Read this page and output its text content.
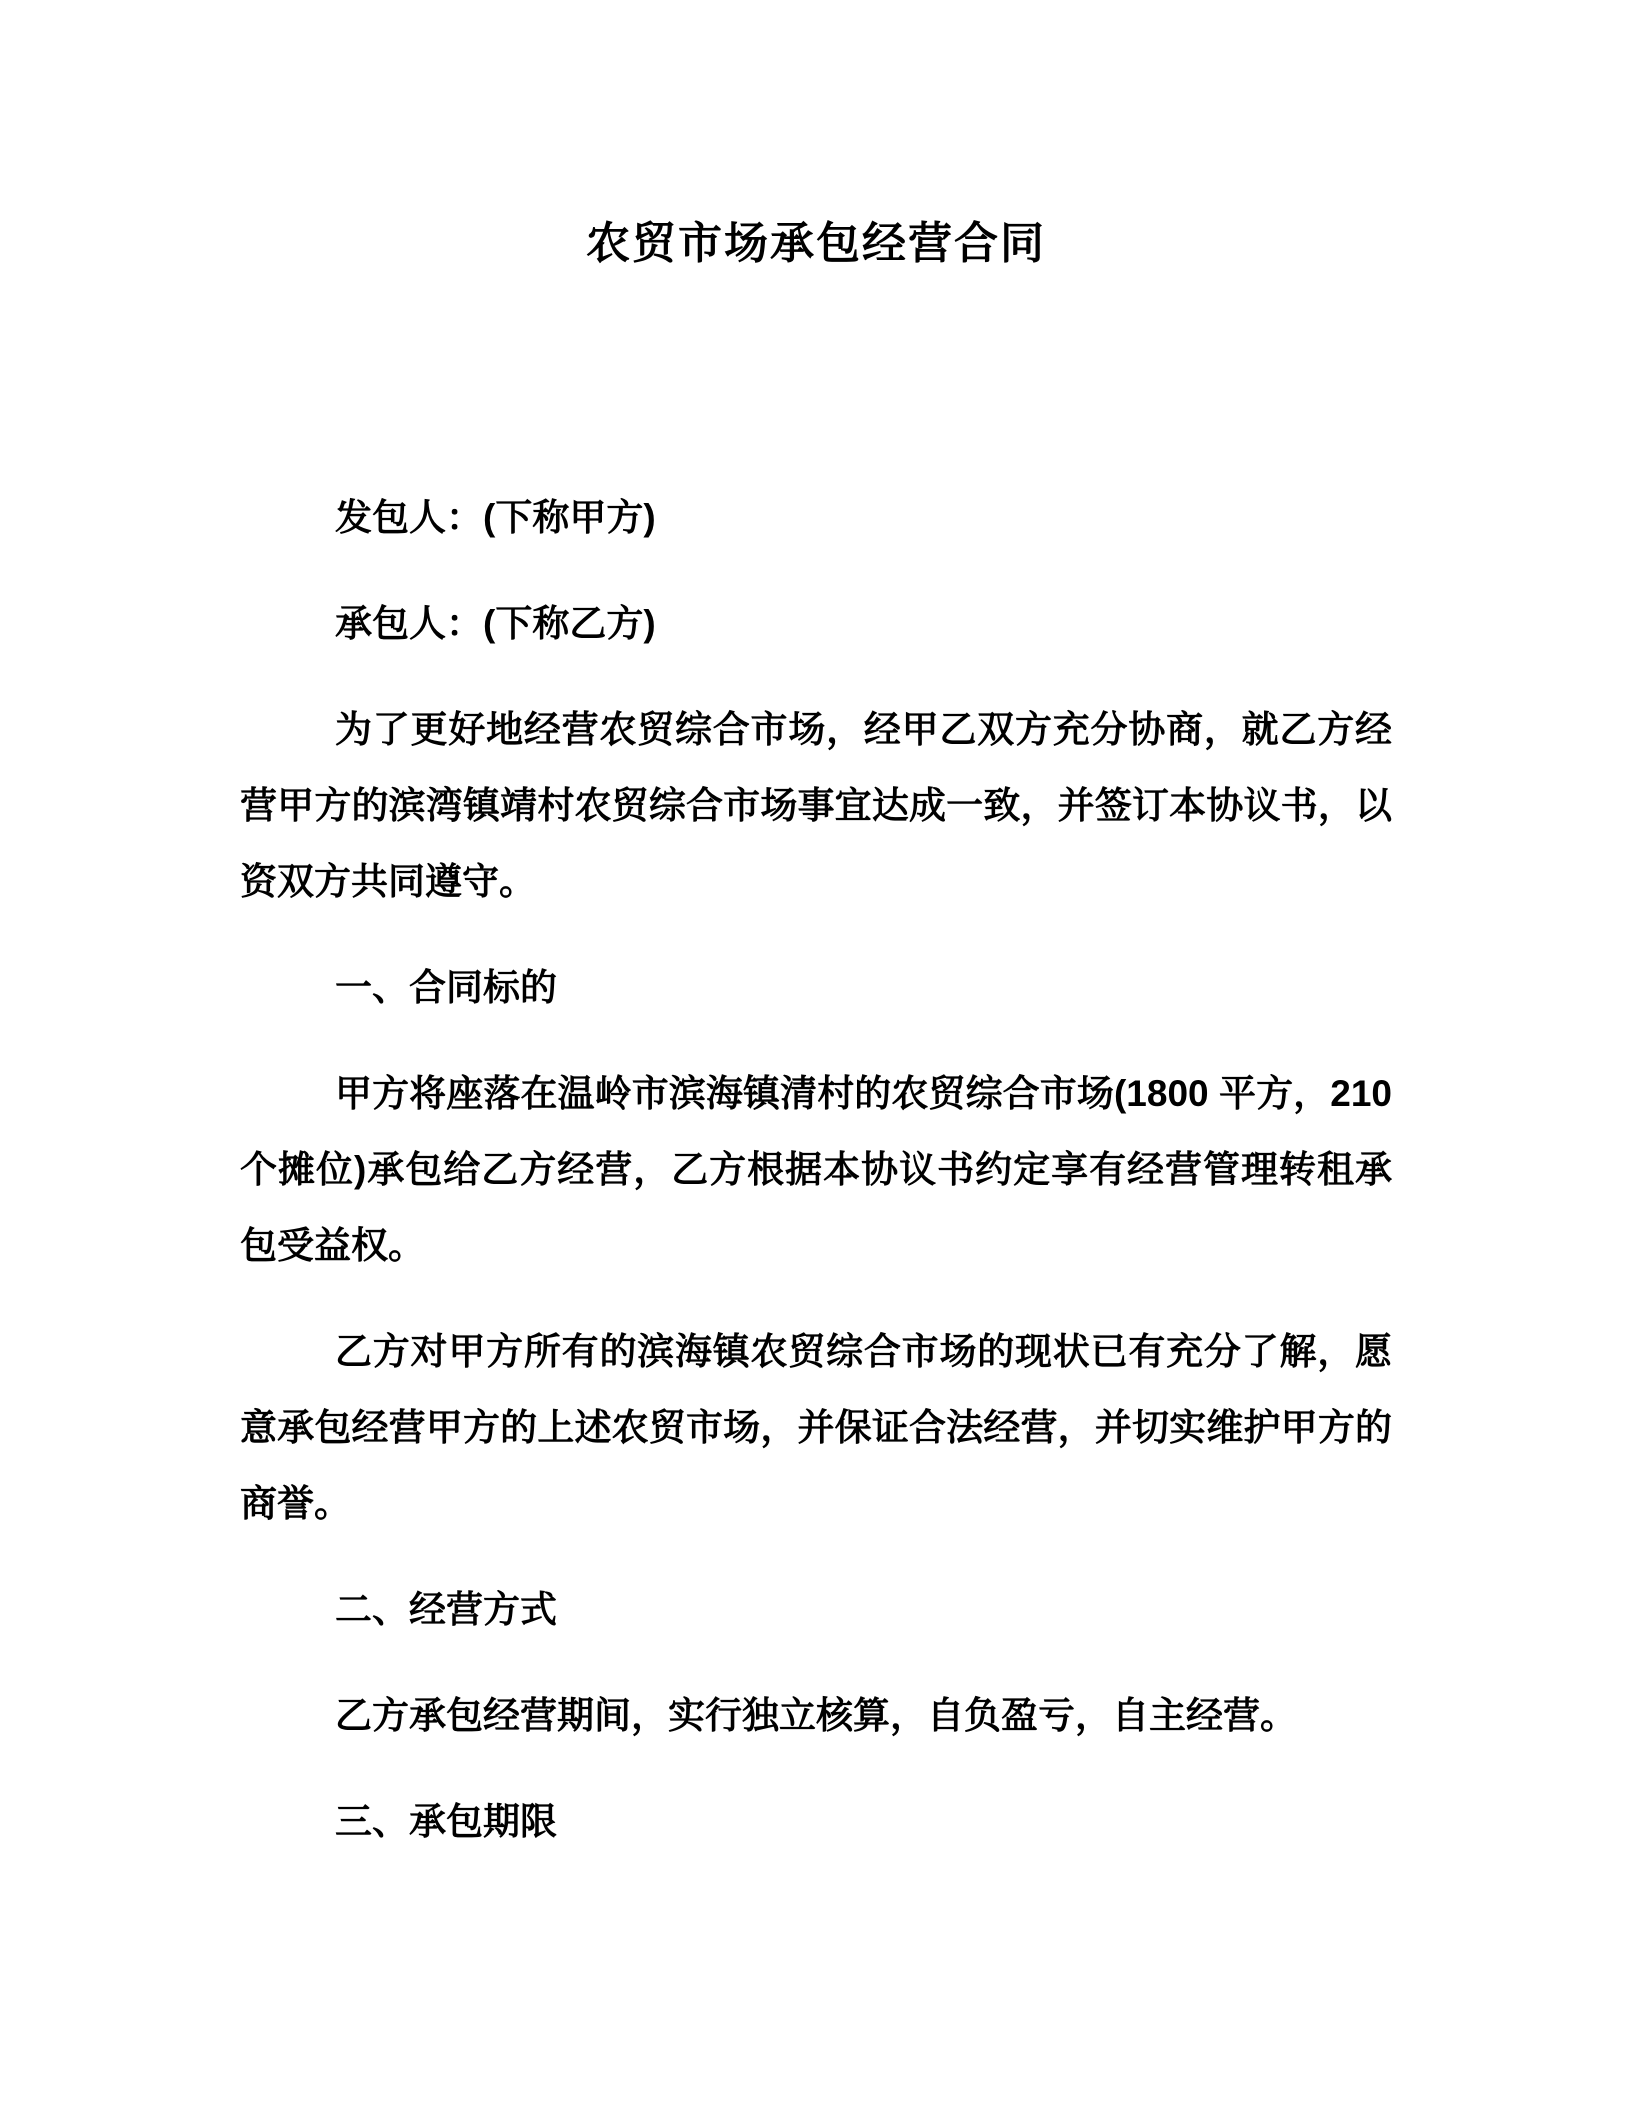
农贸市场承包经营合同

发包人：(下称甲方)

承包人：(下称乙方)

为了更好地经营农贸综合市场，经甲乙双方充分协商，就乙方经营甲方的滨湾镇靖村农贸综合市场事宜达成一致，并签订本协议书，以资双方共同遵守。

一、合同标的

甲方将座落在温岭市滨海镇清村的农贸综合市场(1800 平方，210 个摊位)承包给乙方经营，乙方根据本协议书约定享有经营管理转租承包受益权。

乙方对甲方所有的滨海镇农贸综合市场的现状已有充分了解，愿意承包经营甲方的上述农贸市场，并保证合法经营，并切实维护甲方的商誉。

二、经营方式

乙方承包经营期间，实行独立核算，自负盈亏，自主经营。

三、承包期限
